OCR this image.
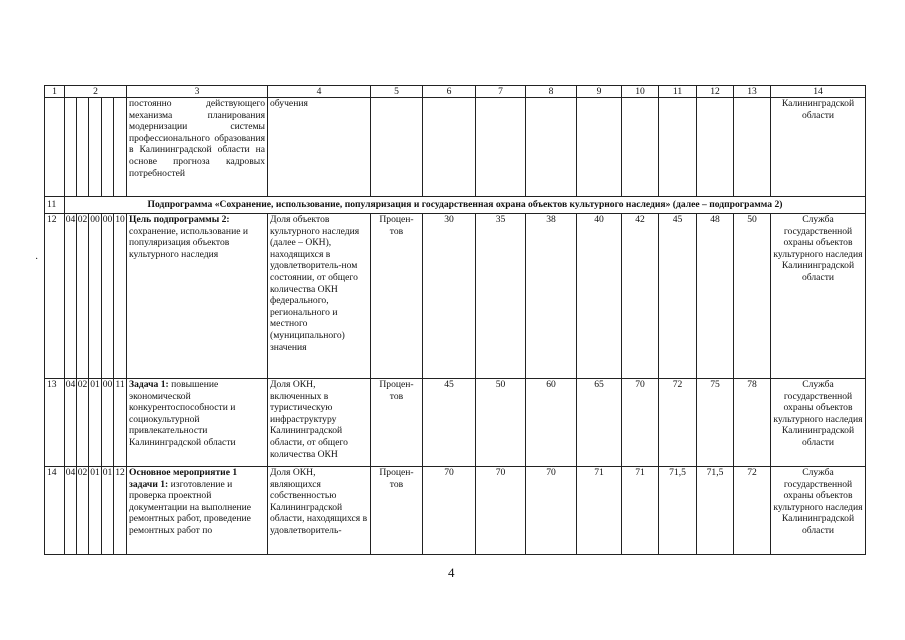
·
1	2					3	4	5	6	7	8	9	10	11	12	13	14
						постоянно действующего механизма планирования модернизации системы профессионального образования в Калининградской области на основе прогноза кадровых потребностей	обучения										Калининградской области
11	Подпрограмма «Сохранение, использование, популяризация и государственная охрана объектов культурного наследия» (далее – подпрограмма 2)																
12	04	02	00	00	10	Цель подпрограммы 2: сохранение, использование и популяризация объектов культурного наследия	Доля объектов культурного наследия (далее – ОКН), находящихся в удовлетворитель-ном состоянии, от общего количества ОКН федерального, регионального и местного (муниципального) значения	Процен-тов	30	35	38	40	42	45	48	50	Служба государственной охраны объектов культурного наследия Калининградской области
13	04	02	01	00	11	Задача 1: повышение экономической конкурентоспособности и социокультурной привлекательности Калининградской области	Доля ОКН, включенных в туристическую инфраструктуру Калининградской области, от общего количества ОКН	Процен-тов	45	50	60	65	70	72	75	78	Служба государственной охраны объектов культурного наследия Калининградской области
14	04	02	01	01	12	Основное мероприятие 1 задачи 1: изготовление и проверка проектной документации на выполнение ремонтных работ, проведение ремонтных работ по	Доля ОКН, являющихся собственностью Калининградской области, находящихся в удовлетворитель-	Процен-тов	70	70	70	71	71	71,5	71,5	72	Служба государственной охраны объектов культурного наследия Калининградской области
4
